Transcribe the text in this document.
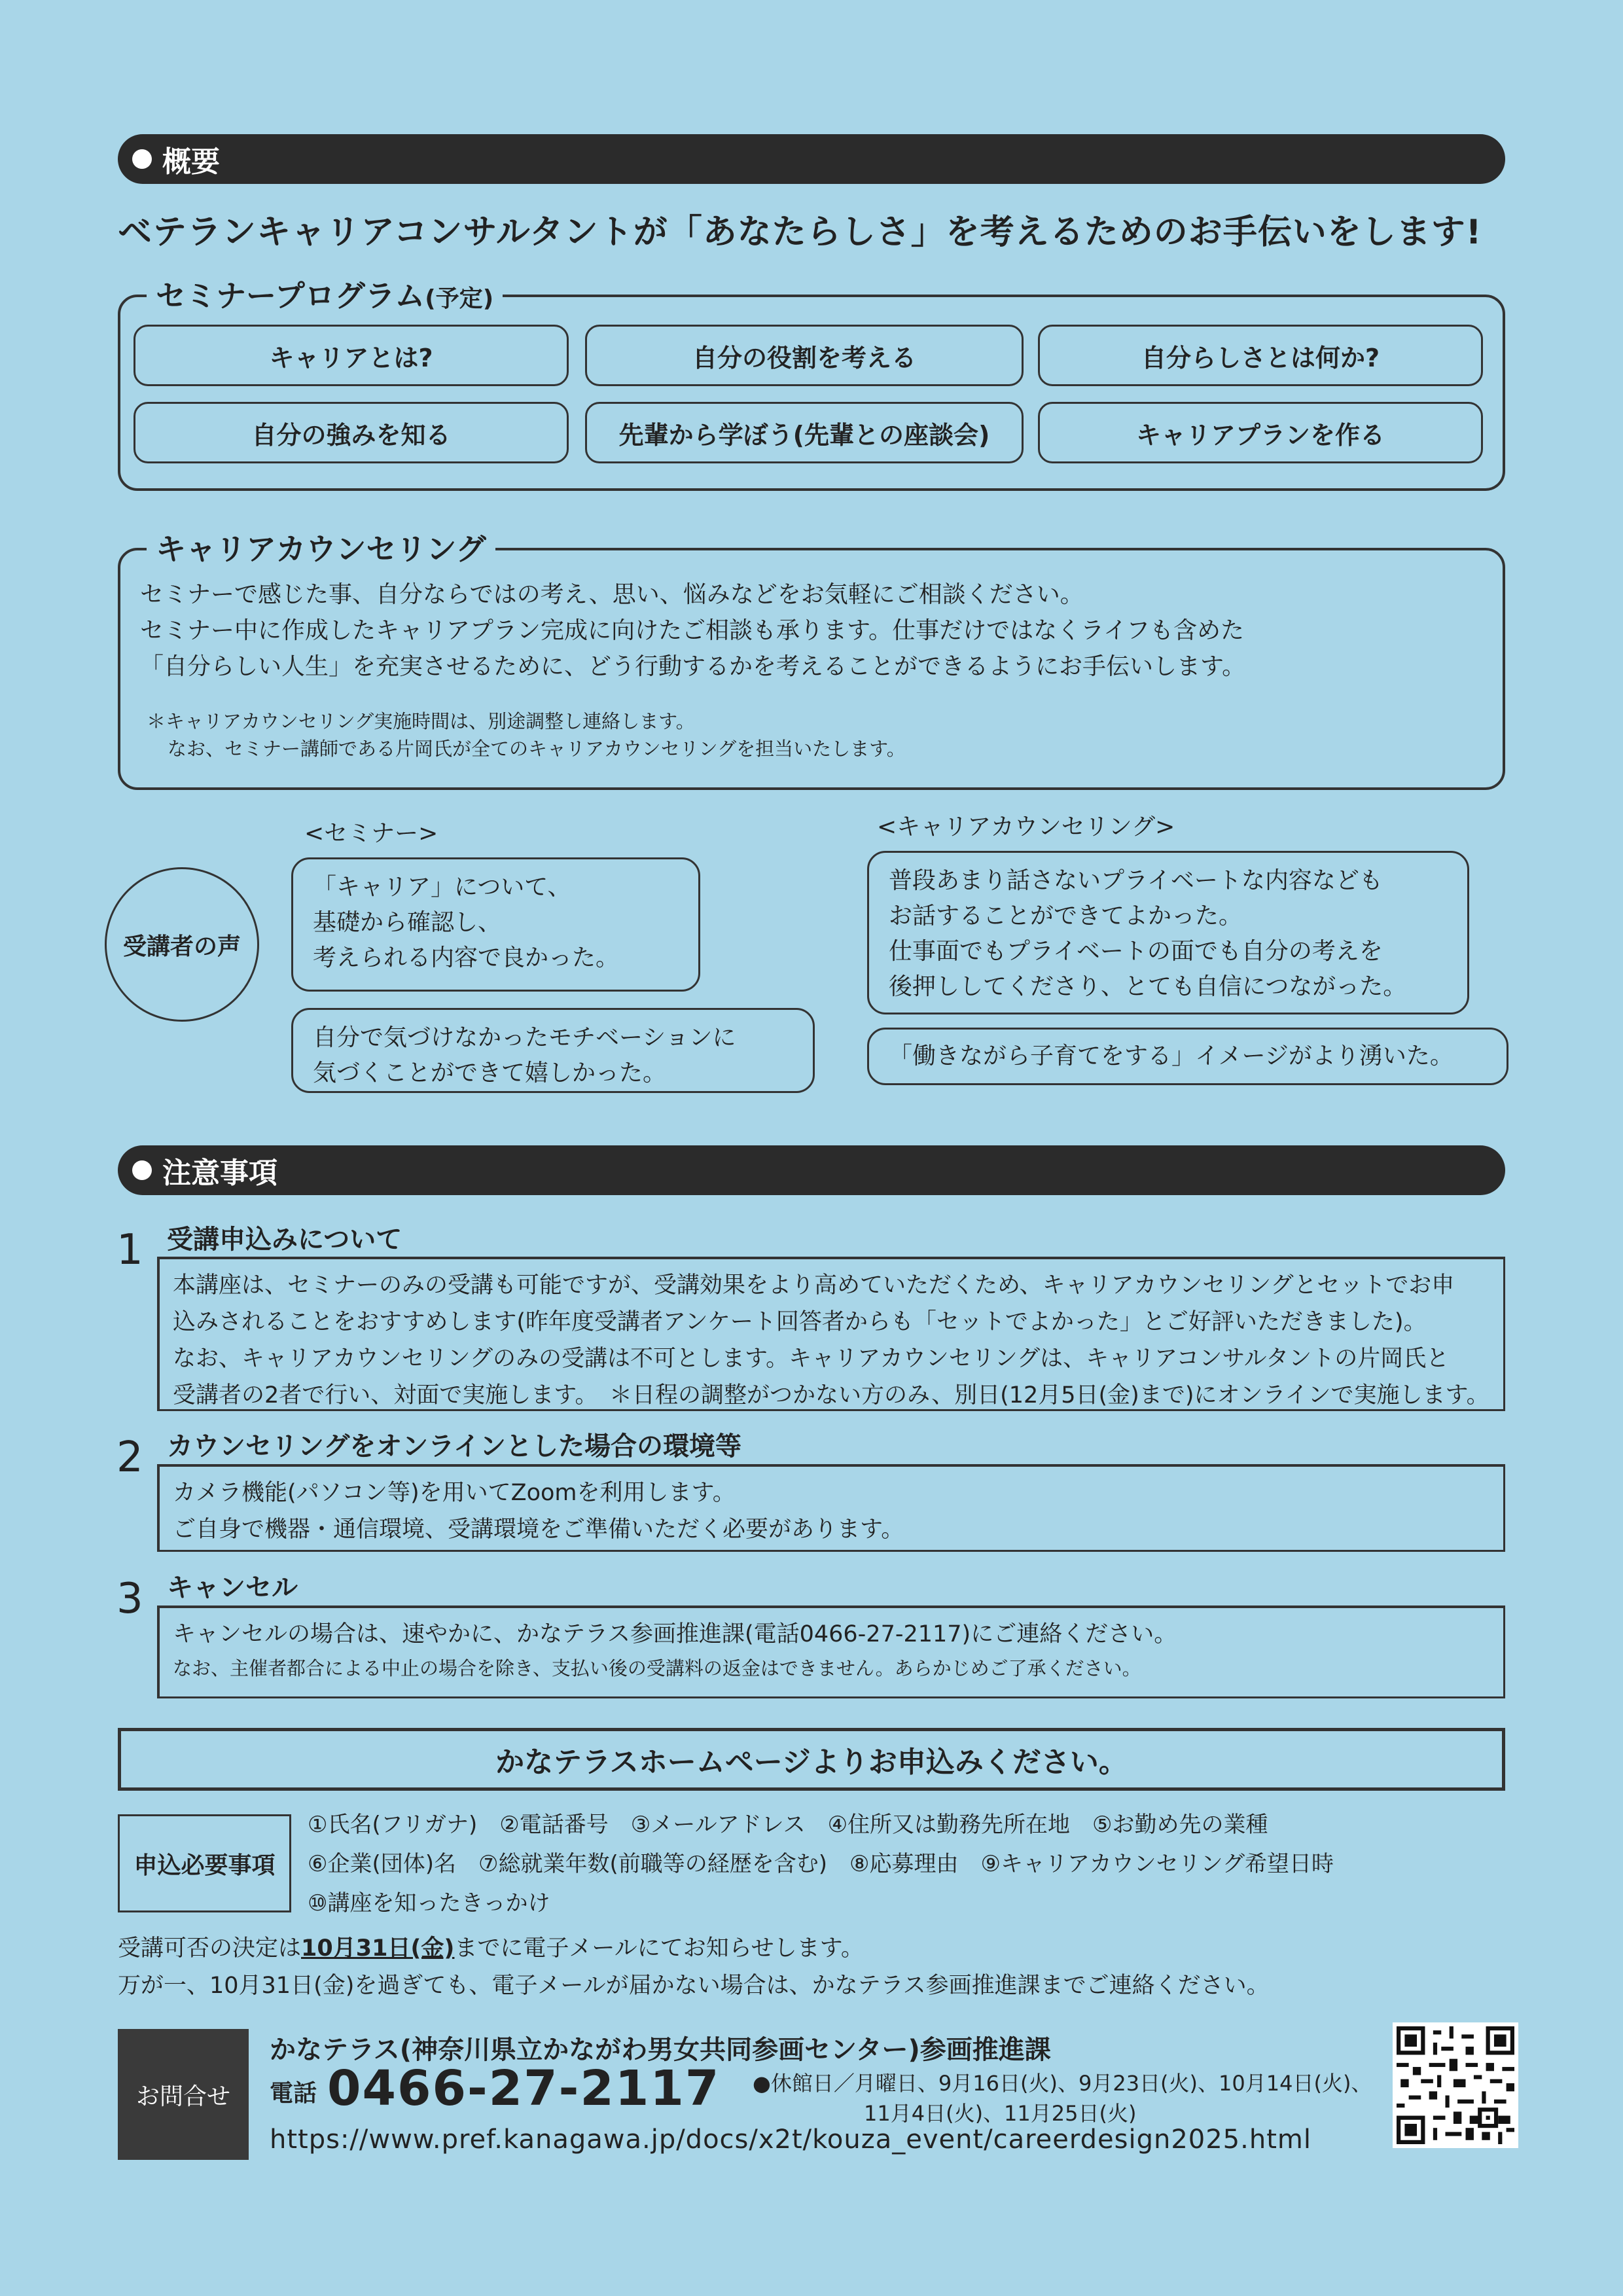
概要
ベテランキャリアコンサルタントが「あなたらしさ」を考えるためのお手伝いをします!
セミナープログラム(予定)
キャリアとは?	自分の役割を考える	自分らしさとは何か?
自分の強みを知る	先輩から学ぼう(先輩との座談会)	キャリアプランを作る
キャリアカウンセリング
セミナーで感じた事、自分ならではの考え、思い、悩みなどをお気軽にご相談ください。
セミナー中に作成したキャリアプラン完成に向けたご相談も承ります。仕事だけではなくライフも含めた
「自分らしい人生」を充実させるために、どう行動するかを考えることができるようにお手伝いします。
＊キャリアカウンセリング実施時間は、別途調整し連絡します。
なお、セミナー講師である片岡氏が全てのキャリアカウンセリングを担当いたします。
<セミナー>	<キャリアカウンセリング>
受講者の声
「キャリア」について、
基礎から確認し、
考えられる内容で良かった。
自分で気づけなかったモチベーションに
気づくことができて嬉しかった。
普段あまり話さないプライベートな内容なども
お話することができてよかった。
仕事面でもプライベートの面でも自分の考えを
後押ししてくださり、とても自信につながった。
「働きながら子育てをする」イメージがより湧いた。
注意事項
1 受講申込みについて
本講座は、セミナーのみの受講も可能ですが、受講効果をより高めていただくため、キャリアカウンセリングとセットでお申
込みされることをおすすめします(昨年度受講者アンケート回答者からも「セットでよかった」とご好評いただきました)。
なお、キャリアカウンセリングのみの受講は不可とします。キャリアカウンセリングは、キャリアコンサルタントの片岡氏と
受講者の2者で行い、対面で実施します。　＊日程の調整がつかない方のみ、別日(12月5日(金)まで)にオンラインで実施します。
2 カウンセリングをオンラインとした場合の環境等
カメラ機能(パソコン等)を用いてZoomを利用します。
ご自身で機器・通信環境、受講環境をご準備いただく必要があります。
3 キャンセル
キャンセルの場合は、速やかに、かなテラス参画推進課(電話0466-27-2117)にご連絡ください。
なお、主催者都合による中止の場合を除き、支払い後の受講料の返金はできません。あらかじめご了承ください。
かなテラスホームページよりお申込みください。
申込必要事項
①氏名(フリガナ)　②電話番号　③メールアドレス　④住所又は勤務先所在地　⑤お勤め先の業種
⑥企業(団体)名　⑦総就業年数(前職等の経歴を含む)　⑧応募理由　⑨キャリアカウンセリング希望日時
⑩講座を知ったきっかけ
受講可否の決定は10月31日(金)までに電子メールにてお知らせします。
万が一、10月31日(金)を過ぎても、電子メールが届かない場合は、かなテラス参画推進課までご連絡ください。
お問合せ
かなテラス(神奈川県立かながわ男女共同参画センター)参画推進課
電話 0466-27-2117 ●休館日／月曜日、9月16日(火)、9月23日(火)、10月14日(火)、
11月4日(火)、11月25日(火)
https://www.pref.kanagawa.jp/docs/x2t/kouza_event/careerdesign2025.html
